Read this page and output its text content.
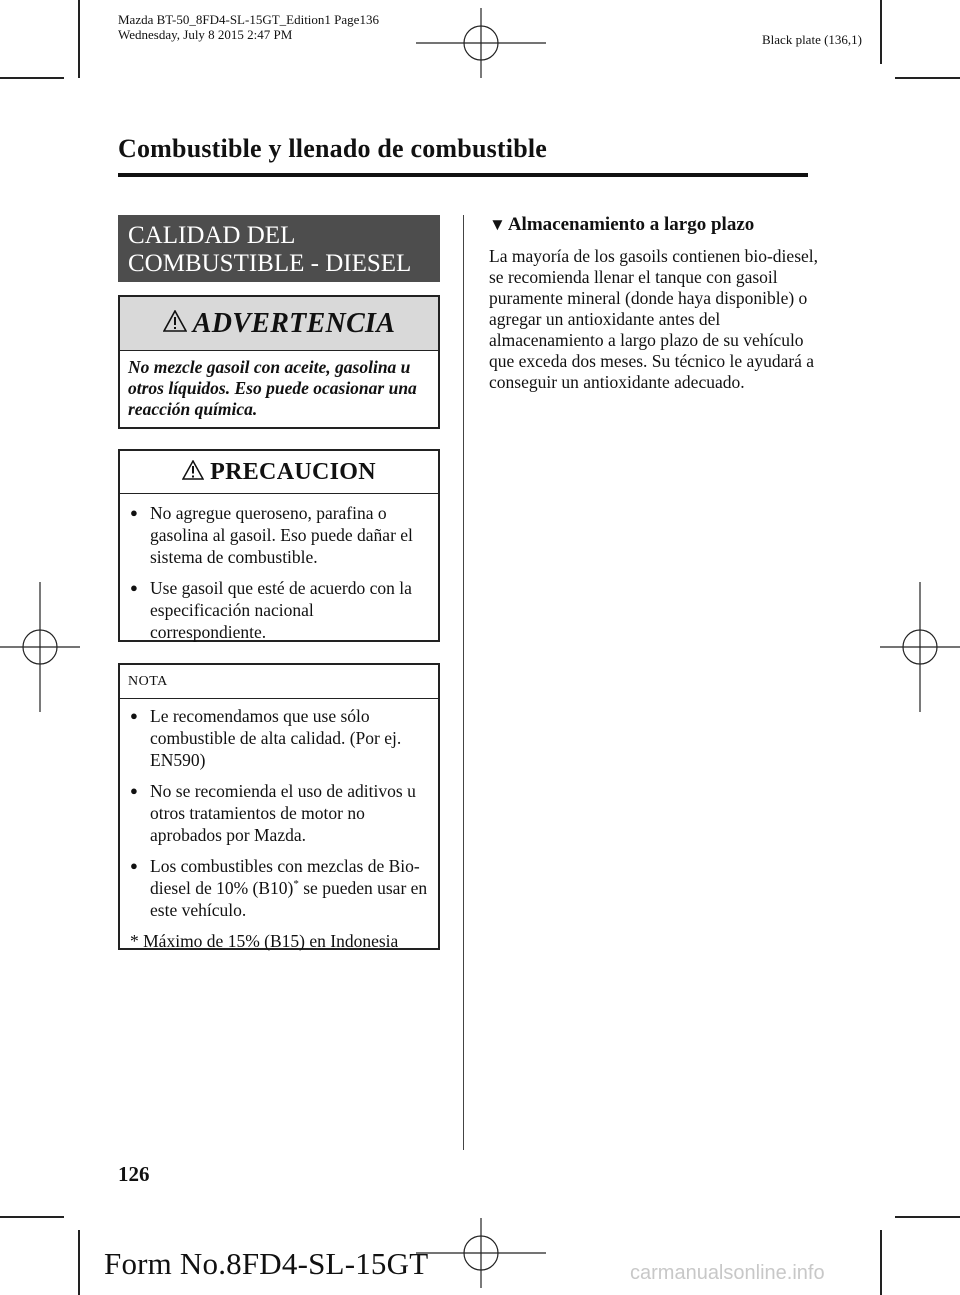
Mazda BT-50_8FD4-SL-15GT_Edition1 Page136
Wednesday, July 8 2015 2:47 PM	Black plate (136,1)
Combustible y llenado de combustible
CALIDAD DEL
COMBUSTIBLE - DIESEL
ADVERTENCIA
No mezcle gasoil con aceite, gasolina u otros líquidos. Eso puede ocasionar una reacción química.
PRECAUCION
● No agregue queroseno, parafina o gasolina al gasoil. Eso puede dañar el sistema de combustible.
● Use gasoil que esté de acuerdo con la especificación nacional correspondiente.
NOTA
● Le recomendamos que use sólo combustible de alta calidad. (Por ej. EN590)
● No se recomienda el uso de aditivos u otros tratamientos de motor no aprobados por Mazda.
● Los combustibles con mezclas de Bio-diesel de 10% (B10)* se pueden usar en este vehículo.
* Máximo de 15% (B15) en Indonesia
▼ Almacenamiento a largo plazo
La mayoría de los gasoils contienen bio-diesel, se recomienda llenar el tanque con gasoil puramente mineral (donde haya disponible) o agregar un antioxidante antes del almacenamiento a largo plazo de su vehículo que exceda dos meses. Su técnico le ayudará a conseguir un antioxidante adecuado.
126
Form No.8FD4-SL-15GT	carmanualsonline.info
